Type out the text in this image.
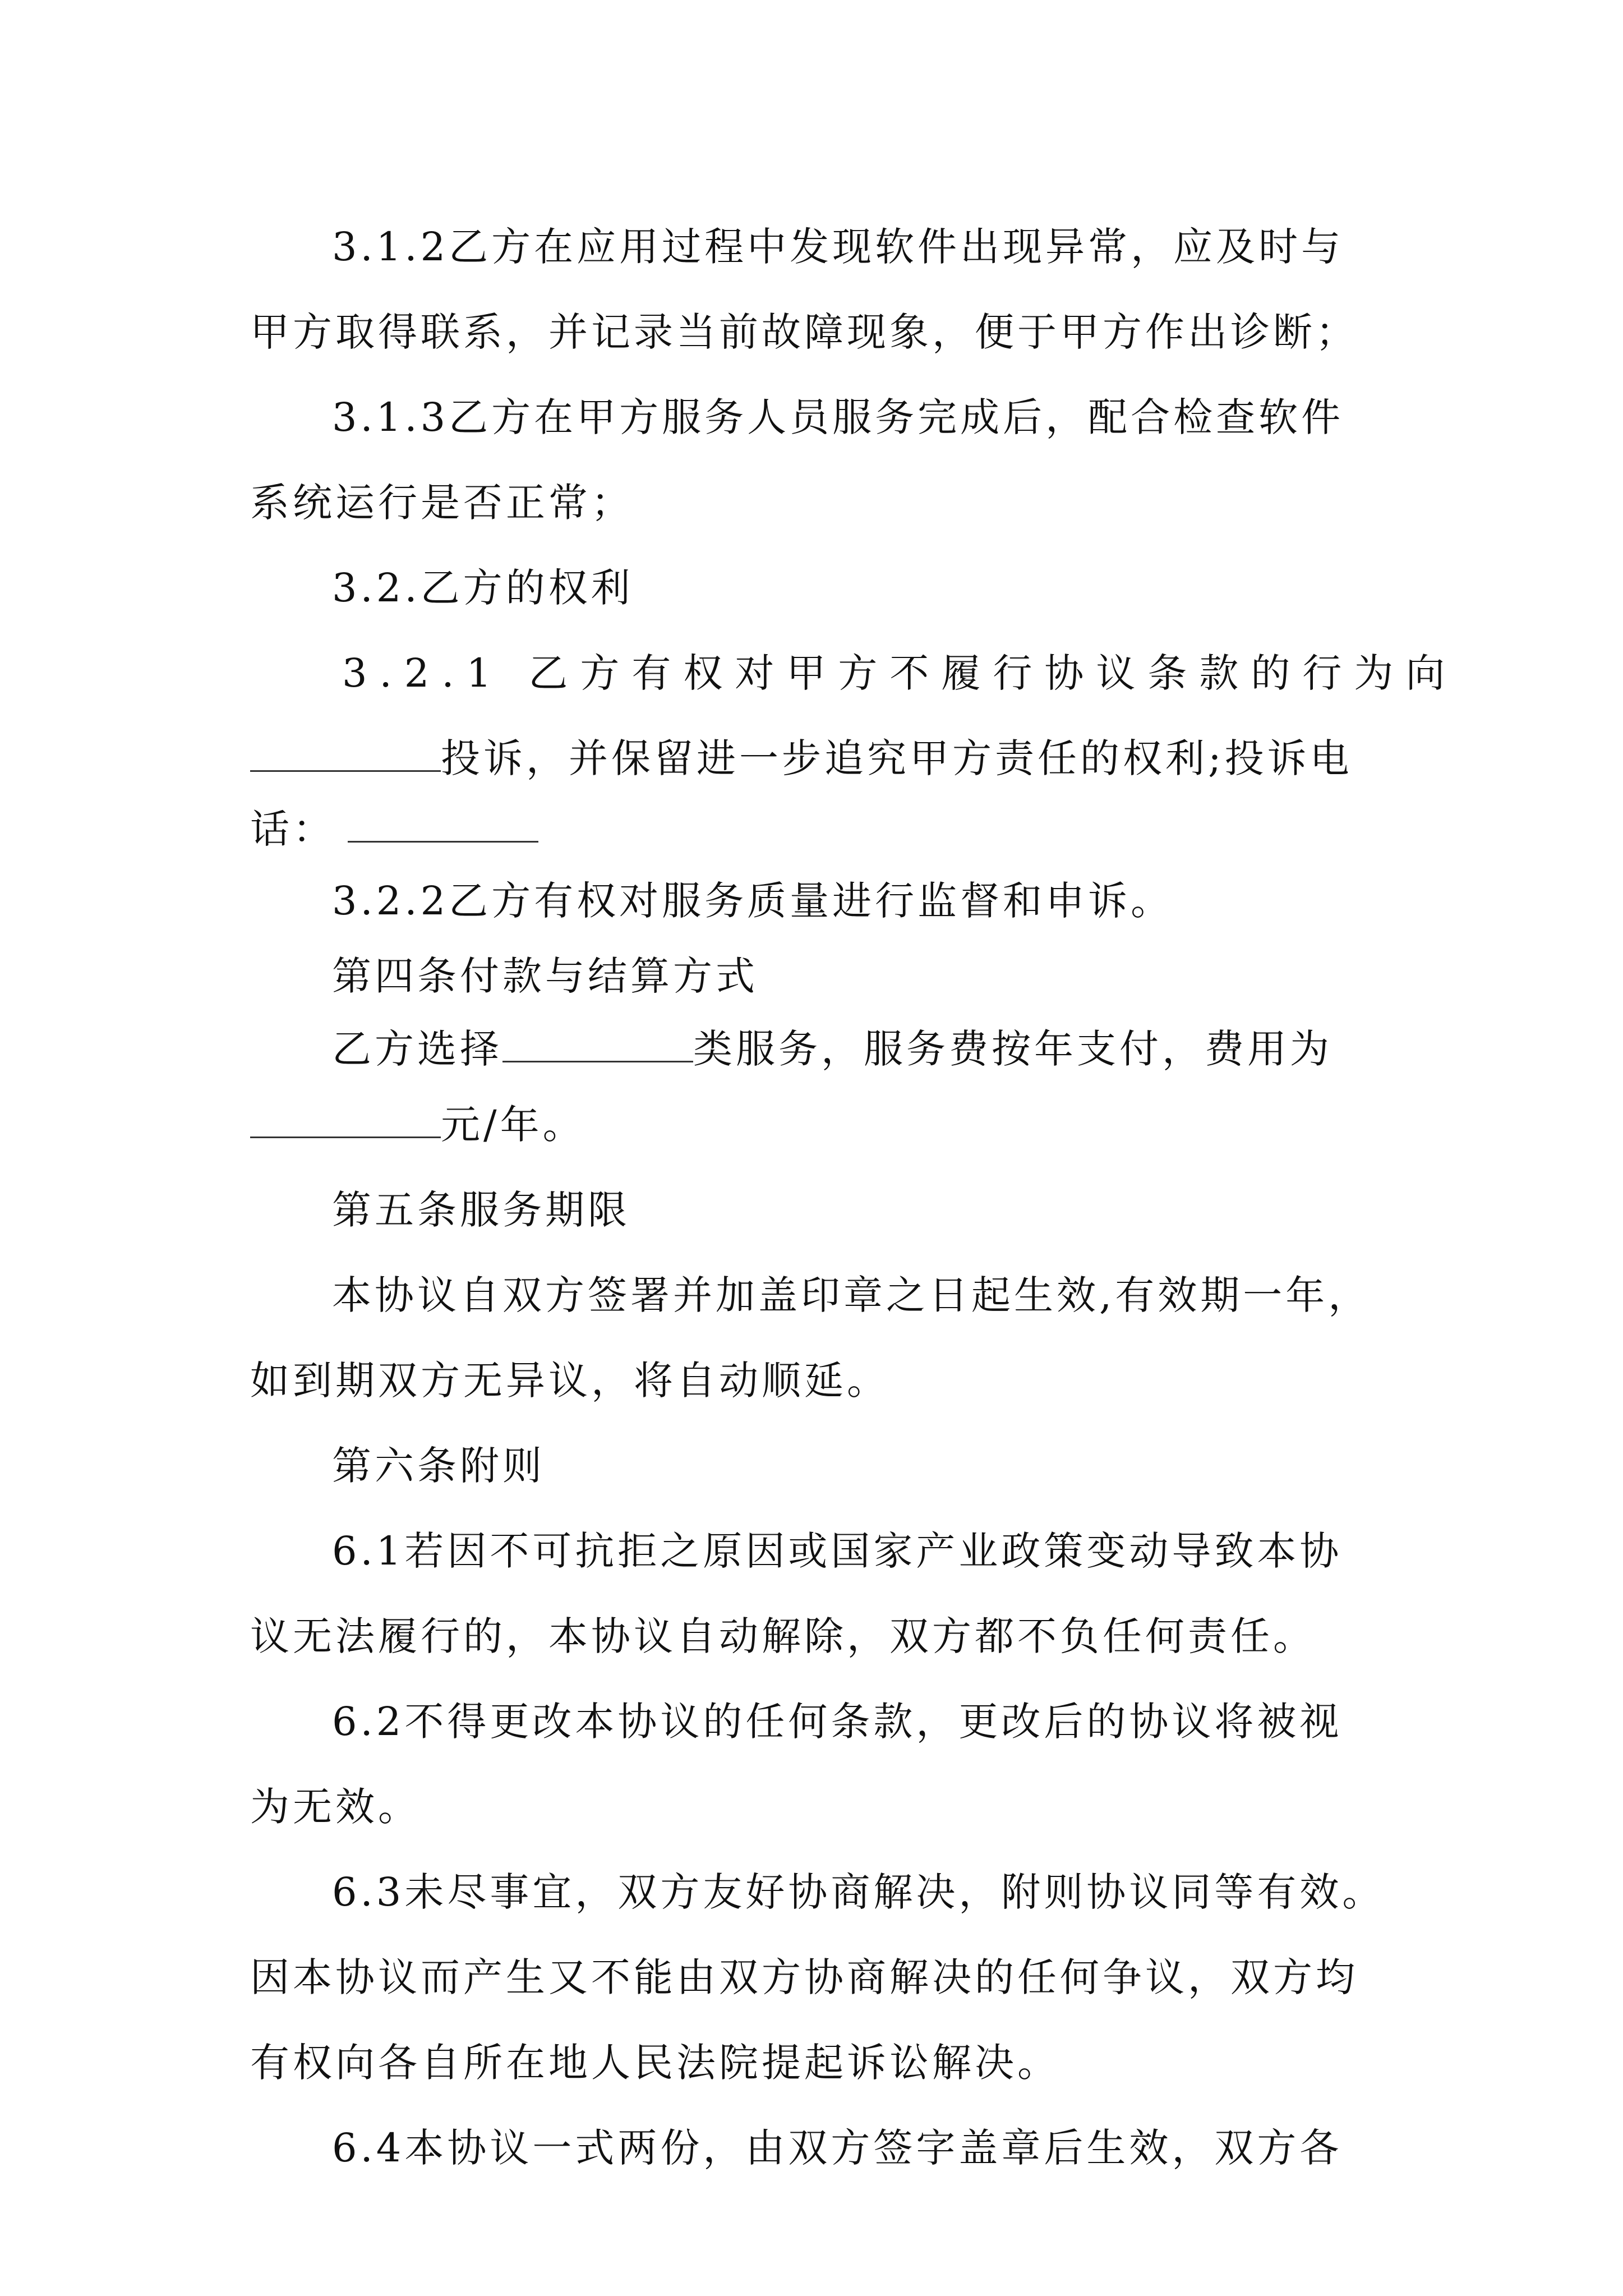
3.1.2乙方在应用过程中发现软件出现异常，应及时与
甲方取得联系，并记录当前故障现象，便于甲方作出诊断；
3.1.3乙方在甲方服务人员服务完成后，配合检查软件
系统运行是否正常；
3.2.乙方的权利
3.2.1 乙方有权对甲方不履行协议条款的行为向
投诉，并保留进一步追究甲方责任的权利;投诉电
话：
3.2.2乙方有权对服务质量进行监督和申诉。
第四条付款与结算方式
乙方选择	类服务，服务费按年支付，费用为
元/年。
第五条服务期限
本协议自双方签署并加盖印章之日起生效,有效期一年，
如到期双方无异议，将自动顺延。
第六条附则
6.1若因不可抗拒之原因或国家产业政策变动导致本协
议无法履行的，本协议自动解除，双方都不负任何责任。
6.2不得更改本协议的任何条款，更改后的协议将被视
为无效。
6.3未尽事宜，双方友好协商解决，附则协议同等有效。
因本协议而产生又不能由双方协商解决的任何争议，双方均
有权向各自所在地人民法院提起诉讼解决。
6.4本协议一式两份，由双方签字盖章后生效，双方各
